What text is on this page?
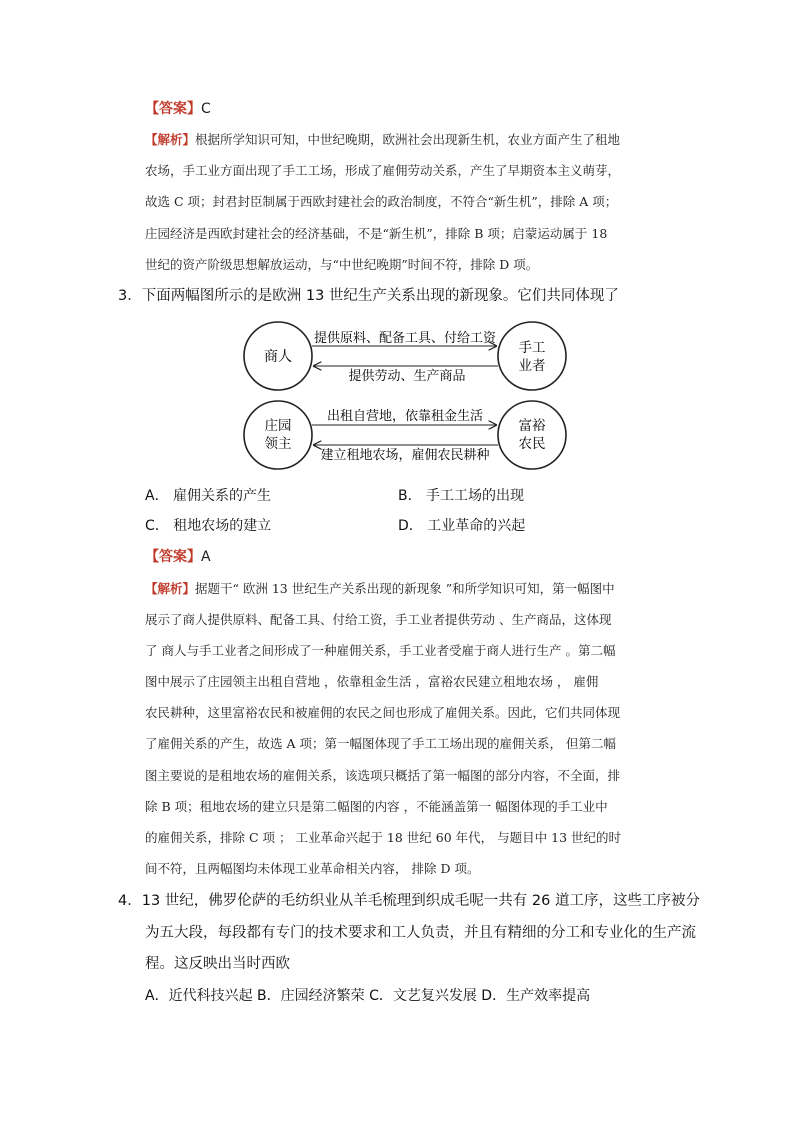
【答案】C
【解析】根据所学知识可知，中世纪晚期，欧洲社会出现新生机，农业方面产生了租地
农场，手工业方面出现了手工工场，形成了雇佣劳动关系，产生了早期资本主义萌芽，
故选 C 项；封君封臣制属于西欧封建社会的政治制度，不符合“新生机”，排除 A 项；
庄园经济是西欧封建社会的经济基础，不是“新生机”，排除 B 项；启蒙运动属于 18
世纪的资产阶级思想解放运动，与“中世纪晚期”时间不符，排除 D 项。
3．下面两幅图所示的是欧洲 13 世纪生产关系出现的新现象。它们共同体现了
商人
手工
业者
提供原料、配备工具、付给工资
提供劳动、生产商品
庄园
领主
富裕
农民
出租自营地，依靠租金生活
建立租地农场，雇佣农民耕种
A． 雇佣关系的产生	B． 手工工场的出现
C． 租地农场的建立	D． 工业革命的兴起
【答案】A
【解析】据题干“ 欧洲 13 世纪生产关系出现的新现象 ”和所学知识可知，第一幅图中
展示了商人提供原料、配备工具、付给工资，手工业者提供劳动 、生产商品，这体现
了 商人与手工业者之间形成了一种雇佣关系，手工业者受雇于商人进行生产 。第二幅
图中展示了庄园领主出租自营地 ，依靠租金生活 ，富裕农民建立租地农场 ， 雇佣
农民耕种，这里富裕农民和被雇佣的农民之间也形成了雇佣关系。因此，它们共同体现
了雇佣关系的产生，故选 A 项；第一幅图体现了手工工场出现的雇佣关系， 但第二幅
图主要说的是租地农场的雇佣关系，该选项只概括了第一幅图的部分内容，不全面，排
除 B 项；租地农场的建立只是第二幅图的内容 ，不能涵盖第一 幅图体现的手工业中
的雇佣关系，排除 C 项 ； 工业革命兴起于 18 世纪 60 年代， 与题目中 13 世纪的时
间不符，且两幅图均未体现工业革命相关内容， 排除 D 项。
4．13 世纪，佛罗伦萨的毛纺织业从羊毛梳理到织成毛呢一共有 26 道工序，这些工序被分
为五大段，每段都有专门的技术要求和工人负责，并且有精细的分工和专业化的生产流
程。这反映出当时西欧
A．近代科技兴起 B．庄园经济繁荣 C．文艺复兴发展 D．生产效率提高
